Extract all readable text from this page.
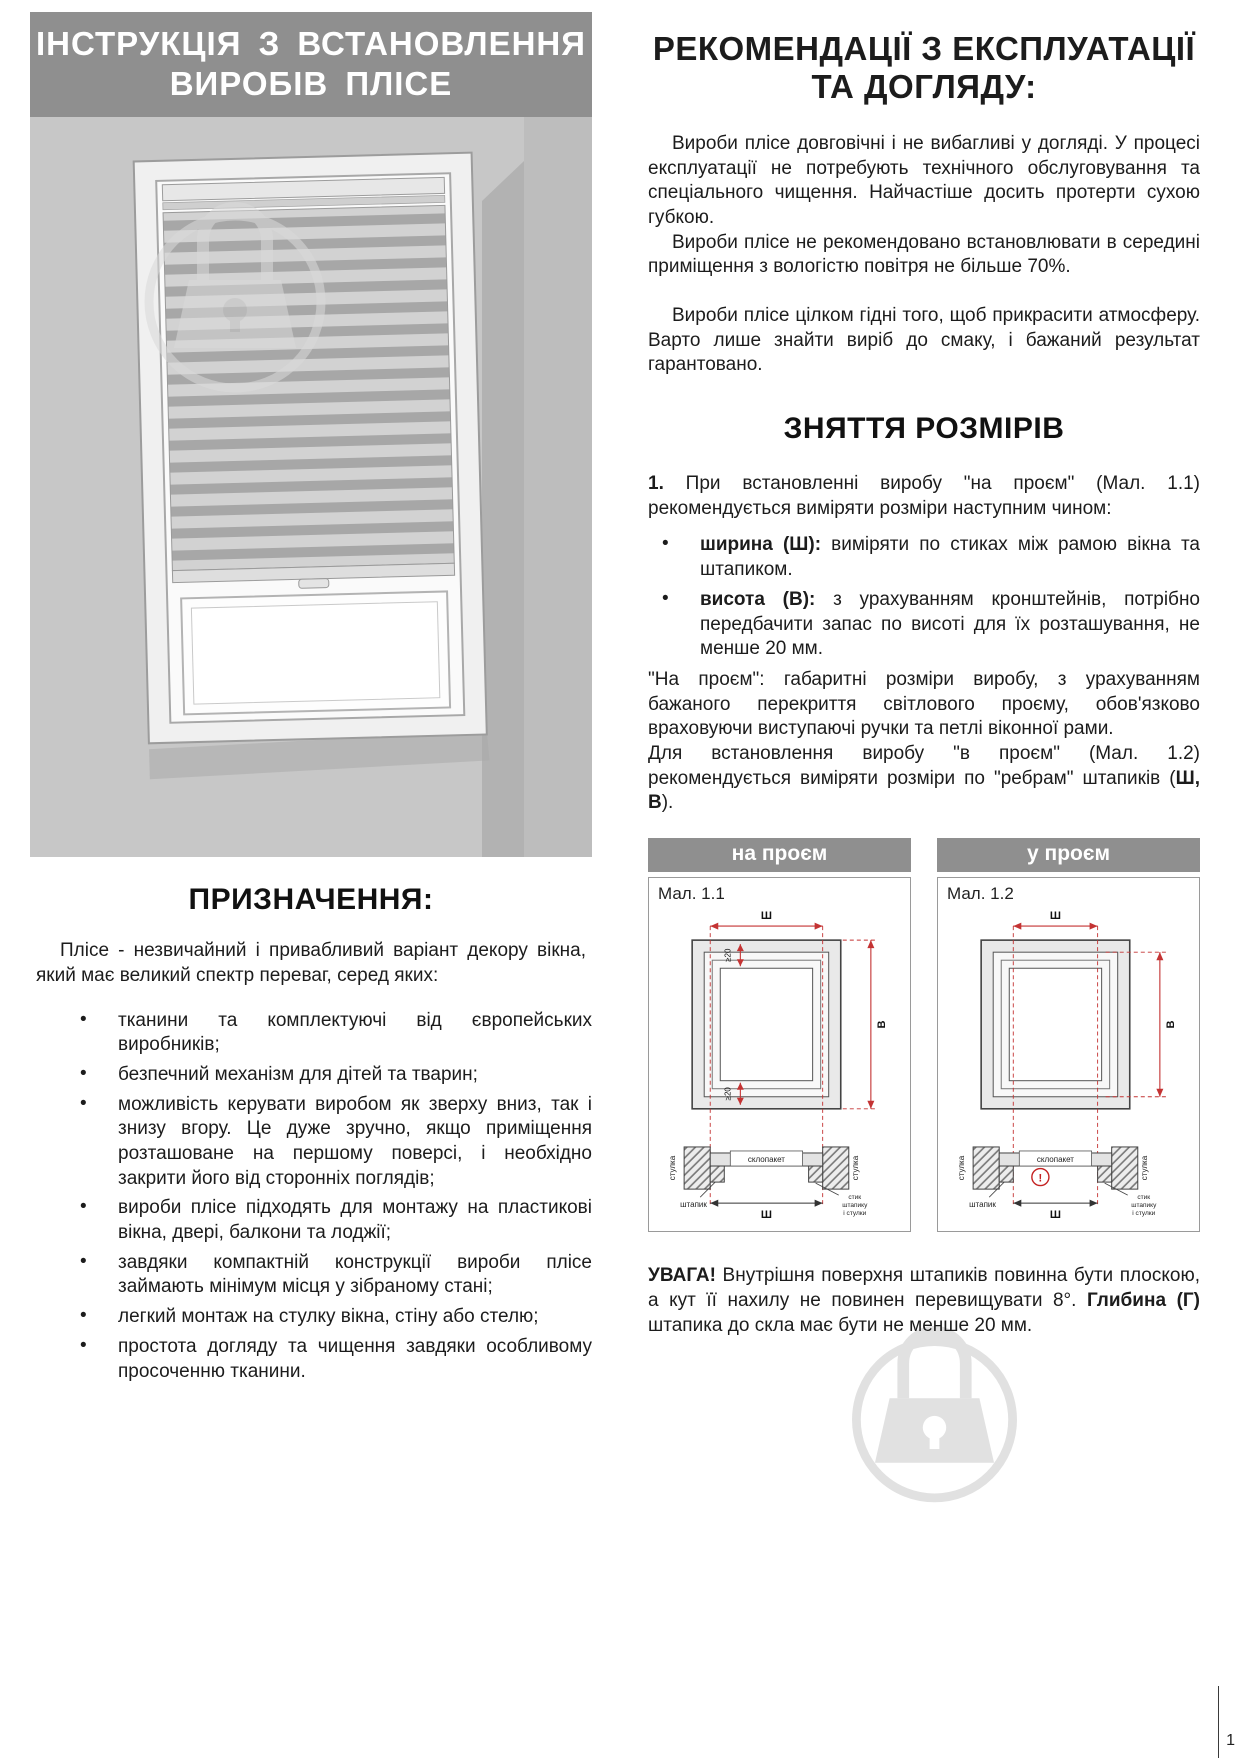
ІНСТРУКЦІЯ З ВСТАНОВЛЕННЯ
ВИРОБІВ ПЛІСЕ
ПРИЗНАЧЕННЯ:

Плісе - незвичайний і привабливий варіант декору вікна, який має великий спектр переваг, серед яких:

• тканини та комплектуючі від європейських виробників;
• безпечний механізм для дітей та тварин;
• можливість керувати виробом як зверху вниз, так і знизу вгору. Це дуже зручно, якщо приміщення розташоване на першому поверсі, і необхідно закрити його від сторонніх поглядів;
• вироби плісе підходять для монтажу на пластикові вікна, двері, балкони та лоджії;
• завдяки компактній конструкції вироби плісе займають мінімум місця у зібраному стані;
• легкий монтаж на стулку вікна, стіну або стелю;
• простота догляду та чищення завдяки особливому просоченню тканини.
РЕКОМЕНДАЦІЇ З ЕКСПЛУАТАЦІЇ
ТА ДОГЛЯДУ:

Вироби плісе довговічні і не вибагливі у догляді. У процесі експлуатації не потребують технічного обслуговування та спеціального чищення. Найчастіше досить протерти сухою губкою.

Вироби плісе не рекомендовано встановлювати в середині приміщення з вологістю повітря не більше 70%.

Вироби плісе цілком гідні того, щоб прикрасити атмосферу. Варто лише знайти виріб до смаку, і бажаний результат гарантовано.

ЗНЯТТЯ РОЗМІРІВ

1. При встановленні виробу "на проєм" (Мал. 1.1) рекомендується виміряти розміри наступним чином:

• ширина (Ш): виміряти по стиках між рамою вікна та штапиком.
• висота (В): з урахуванням кронштейнів, потрібно передбачити запас по висоті для їх розташування, не менше 20 мм.

"На проєм": габаритні розміри виробу, з урахуванням бажаного перекриття світлового проєму, обов'язково враховуючи виступаючі ручки та петлі віконної рами.

Для встановлення виробу "в проєм" (Мал. 1.2) рекомендується виміряти розміри по "ребрам" штапиків (Ш, В).

на проєм
Мал. 1.1
Ш
В
≥20
≥20
склопакет
стулка	стулка
штапик
стик
штапику
і стулки
Ш
у проєм
Мал. 1.2
Ш
В
склопакет
стулка	стулка
штапик
стик
штапику
і стулки
!
Ш

УВАГА! Внутрішня поверхня штапиків повинна бути плоскою, а кут її нахилу не повинен перевищувати 8°. Глибина (Г) штапика до скла має бути не менше 20 мм.

1
